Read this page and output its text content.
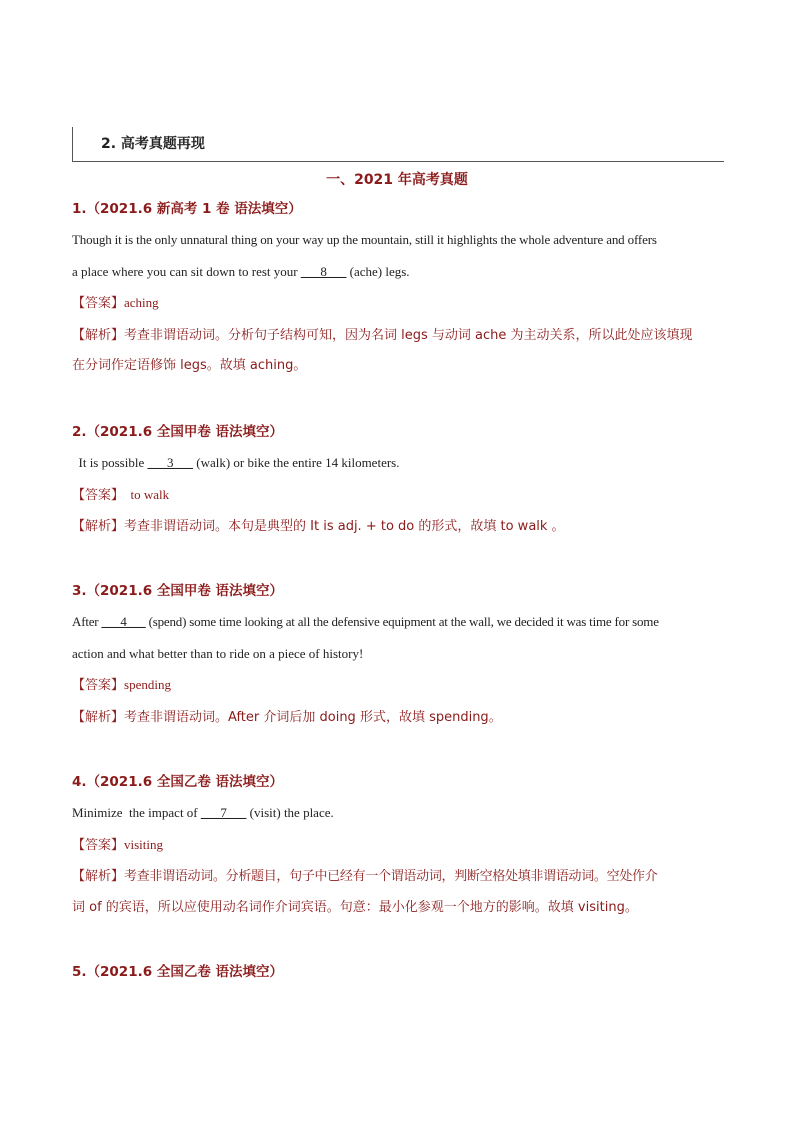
2. 高考真题再现
一、2021 年高考真题
1.（2021.6 新高考 1 卷 语法填空）
Though it is the only unnatural thing on your way up the mountain, still it highlights the whole adventure and offers
a place where you can sit down to rest your ___8___ (ache) legs.
【答案】aching
【解析】考查非谓语动词。分析句子结构可知，因为名词 legs 与动词 ache 为主动关系，所以此处应该填现
在分词作定语修饰 legs。故填 aching。
2.（2021.6 全国甲卷 语法填空）
It is possible ___3___ (walk) or bike the entire 14 kilometers.
【答案】  to walk
【解析】考查非谓语动词。本句是典型的 It is adj. + to do 的形式，故填 to walk 。
3.（2021.6 全国甲卷 语法填空）
After ___4___ (spend) some time looking at all the defensive equipment at the wall, we decided it was time for some
action and what better than to ride on a piece of history!
【答案】spending
【解析】考查非谓语动词。After 介词后加 doing 形式，故填 spending。
4.（2021.6 全国乙卷 语法填空）
Minimize  the impact of ___7___ (visit) the place.
【答案】visiting
【解析】考查非谓语动词。分析题目，句子中已经有一个谓语动词，判断空格处填非谓语动词。空处作介
词 of 的宾语，所以应使用动名词作介词宾语。句意：最小化参观一个地方的影响。故填 visiting。
5.（2021.6 全国乙卷 语法填空）
